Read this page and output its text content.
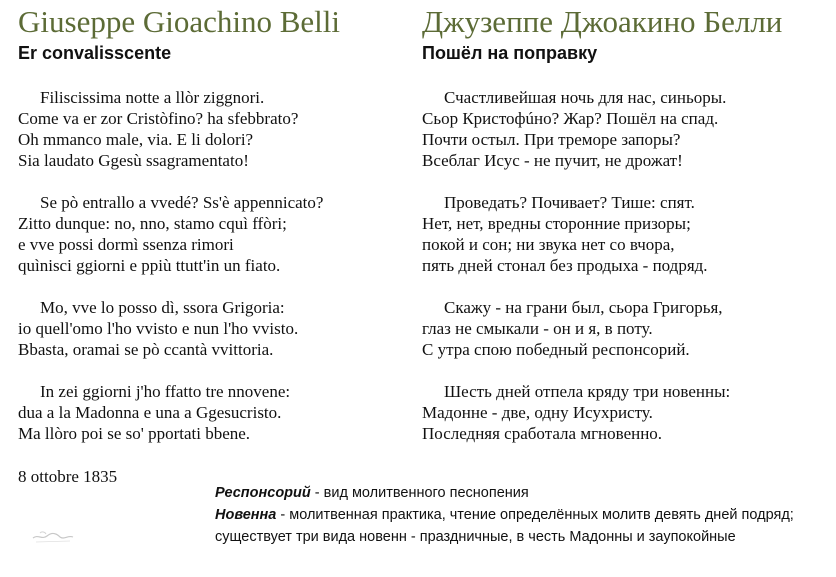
Giuseppe Gioachino Belli
Er convalisscente

Filiscissima notte a llòr ziggnori.
Come va er zor Cristòfino? ha sfebbrato?
Oh mmanco male, via. E li dolori?
Sia laudato Ggesù ssagramentato!

Se pò entrallo a vvedé? Ss'è appennicato?
Zitto dunque: no, nno, stamo cquì ffòri;
e vve possi dormì ssenza rimori
quìnisci ggiorni e ppiù ttutt'in un fiato.

Mo, vve lo posso dì, ssora Grigoria:
io quell'omo l'ho vvisto e nun l'ho vvisto.
Bbasta, oramai se pò ccantà vvittoria.

In zei ggiorni j'ho ffatto tre nnovene:
dua a la Madonna e una a Ggesucristo.
Ma llòro poi se so' pportati bbene.

Джузеппе Джоакино Белли
Пошёл на поправку

Счастливейшая ночь для нас, синьоры.
Сьор Кристофúно? Жар? Пошёл на спад.
Почти остыл. При треморе запоры?
Всеблаг Исус - не пучит, не дрожат!

Проведать? Почивает? Тише: спят.
Нет, нет, вредны сторонние призоры;
покой и сон; ни звука нет со вчора,
пять дней стонал без продыха - подряд.

Скажу - на грани был, сьора Григорья,
глаз не смыкали - он и я, в поту.
С утра спою победный респонсорий.

Шесть дней отпела кряду три новенны:
Мадонне - две, одну Исухристу.
Последняя сработала мгновенно.

8 ottobre 1835

Респонсорий - вид молитвенного песнопения

Новенна - молитвенная практика, чтение определённых молитв девять дней подряд; существует три вида новенн - праздничные, в честь Мадонны и заупокойные
